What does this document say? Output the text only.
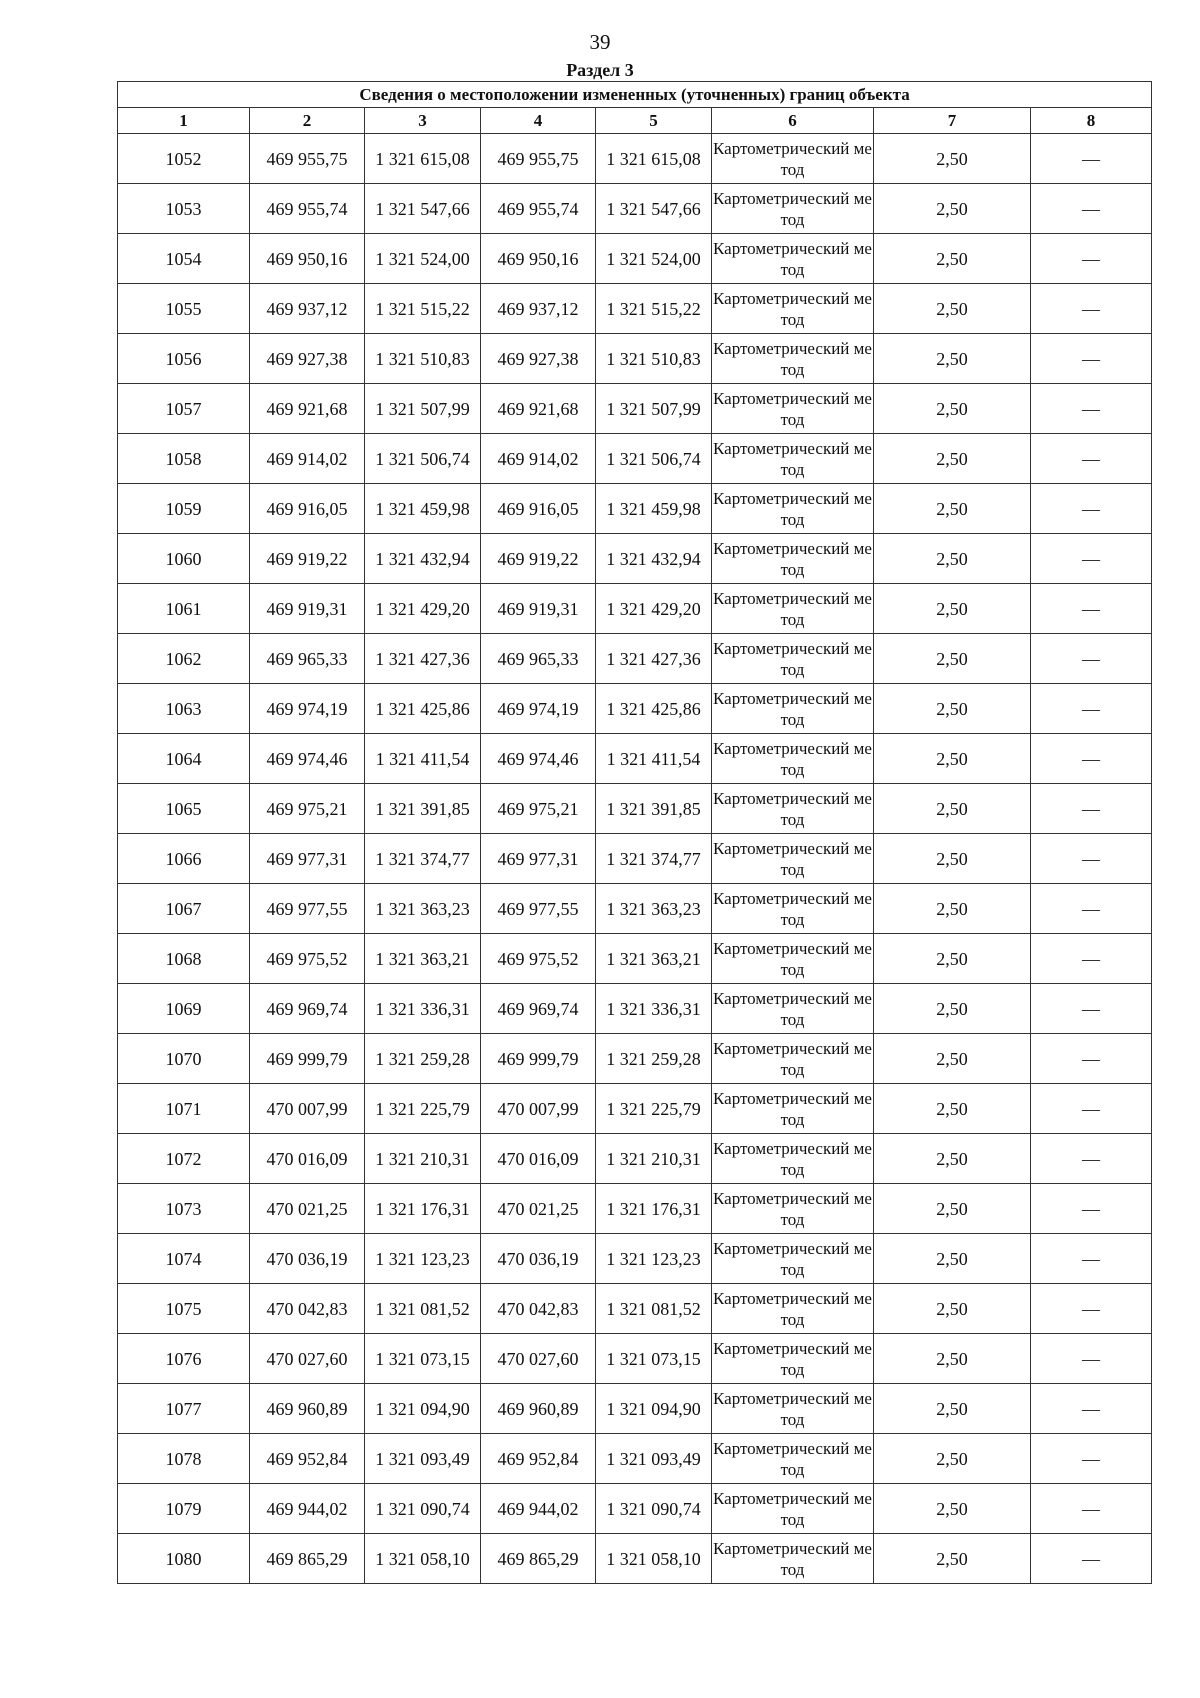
39
Раздел 3
Сведения о местоположении измененных (уточненных) границ объекта							
1	2	3	4	5	6	7	8
1052	469 955,75	1 321 615,08	469 955,75	1 321 615,08	Картометрический метод	2,50	—
1053	469 955,74	1 321 547,66	469 955,74	1 321 547,66	Картометрический метод	2,50	—
1054	469 950,16	1 321 524,00	469 950,16	1 321 524,00	Картометрический метод	2,50	—
1055	469 937,12	1 321 515,22	469 937,12	1 321 515,22	Картометрический метод	2,50	—
1056	469 927,38	1 321 510,83	469 927,38	1 321 510,83	Картометрический метод	2,50	—
1057	469 921,68	1 321 507,99	469 921,68	1 321 507,99	Картометрический метод	2,50	—
1058	469 914,02	1 321 506,74	469 914,02	1 321 506,74	Картометрический метод	2,50	—
1059	469 916,05	1 321 459,98	469 916,05	1 321 459,98	Картометрический метод	2,50	—
1060	469 919,22	1 321 432,94	469 919,22	1 321 432,94	Картометрический метод	2,50	—
1061	469 919,31	1 321 429,20	469 919,31	1 321 429,20	Картометрический метод	2,50	—
1062	469 965,33	1 321 427,36	469 965,33	1 321 427,36	Картометрический метод	2,50	—
1063	469 974,19	1 321 425,86	469 974,19	1 321 425,86	Картометрический метод	2,50	—
1064	469 974,46	1 321 411,54	469 974,46	1 321 411,54	Картометрический метод	2,50	—
1065	469 975,21	1 321 391,85	469 975,21	1 321 391,85	Картометрический метод	2,50	—
1066	469 977,31	1 321 374,77	469 977,31	1 321 374,77	Картометрический метод	2,50	—
1067	469 977,55	1 321 363,23	469 977,55	1 321 363,23	Картометрический метод	2,50	—
1068	469 975,52	1 321 363,21	469 975,52	1 321 363,21	Картометрический метод	2,50	—
1069	469 969,74	1 321 336,31	469 969,74	1 321 336,31	Картометрический метод	2,50	—
1070	469 999,79	1 321 259,28	469 999,79	1 321 259,28	Картометрический метод	2,50	—
1071	470 007,99	1 321 225,79	470 007,99	1 321 225,79	Картометрический метод	2,50	—
1072	470 016,09	1 321 210,31	470 016,09	1 321 210,31	Картометрический метод	2,50	—
1073	470 021,25	1 321 176,31	470 021,25	1 321 176,31	Картометрический метод	2,50	—
1074	470 036,19	1 321 123,23	470 036,19	1 321 123,23	Картометрический метод	2,50	—
1075	470 042,83	1 321 081,52	470 042,83	1 321 081,52	Картометрический метод	2,50	—
1076	470 027,60	1 321 073,15	470 027,60	1 321 073,15	Картометрический метод	2,50	—
1077	469 960,89	1 321 094,90	469 960,89	1 321 094,90	Картометрический метод	2,50	—
1078	469 952,84	1 321 093,49	469 952,84	1 321 093,49	Картометрический метод	2,50	—
1079	469 944,02	1 321 090,74	469 944,02	1 321 090,74	Картометрический метод	2,50	—
1080	469 865,29	1 321 058,10	469 865,29	1 321 058,10	Картометрический метод	2,50	—
